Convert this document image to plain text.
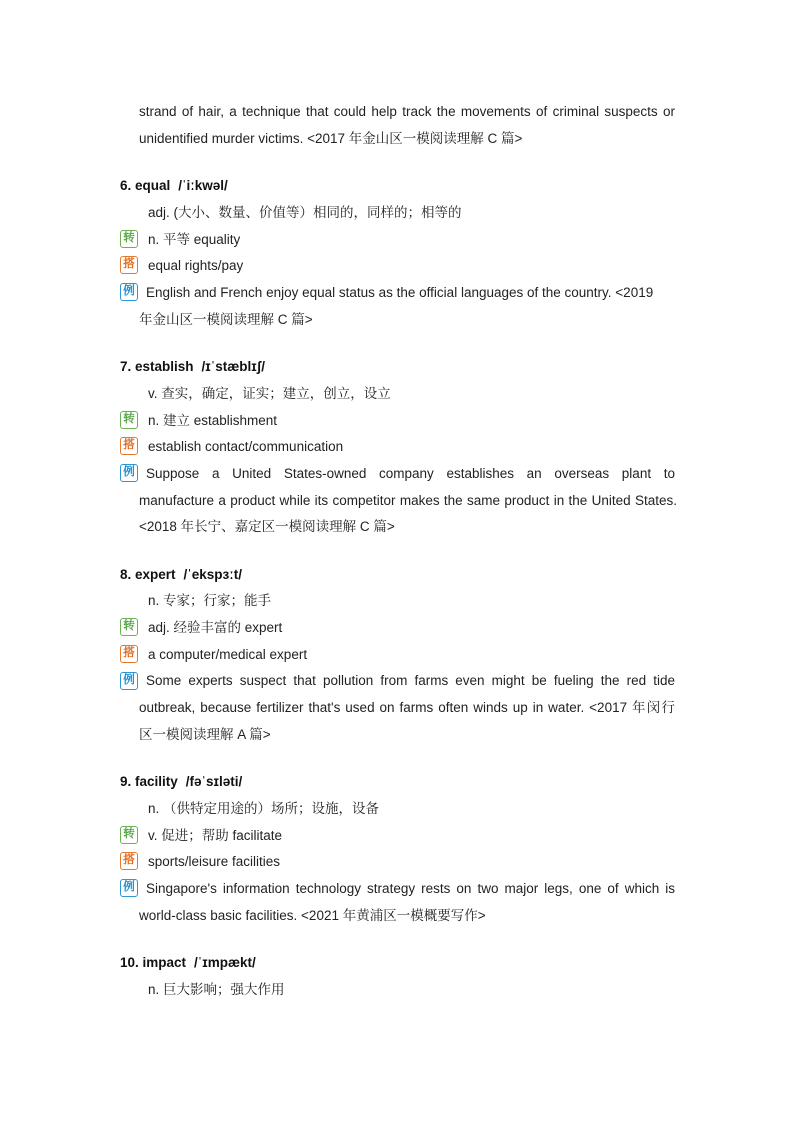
strand of hair, a technique that could help track the movements of criminal suspects or
unidentified murder victims. <2017 年金山区一模阅读理解 C 篇>
6. equal /ˈiːkwəl/
adj. (大小、数量、价值等）相同的，同样的；相等的
转 n. 平等 equality
搭 equal rights/pay
例 English and French enjoy equal status as the official languages of the country. <2019
年金山区一模阅读理解 C 篇>
7. establish /ɪˈstæblɪʃ/
v. 查实，确定，证实；建立，创立，设立
转 n. 建立 establishment
搭 establish contact/communication
例 Suppose a United States-owned company establishes an overseas plant to
manufacture a product while its competitor makes the same product in the United States.
<2018 年长宁、嘉定区一模阅读理解 C 篇>
8. expert /ˈekspɜːt/
n. 专家；行家；能手
转 adj. 经验丰富的 expert
搭 a computer/medical expert
例 Some experts suspect that pollution from farms even might be fueling the red tide
outbreak, because fertilizer that's used on farms often winds up in water. <2017 年闵行
区一模阅读理解 A 篇>
9. facility /fəˈsɪləti/
n. （供特定用途的）场所；设施，设备
转 v. 促进；帮助 facilitate
搭 sports/leisure facilities
例 Singapore's information technology strategy rests on two major legs, one of which is
world-class basic facilities. <2021 年黄浦区一模概要写作>
10. impact /ˈɪmpækt/
n. 巨大影响；强大作用
